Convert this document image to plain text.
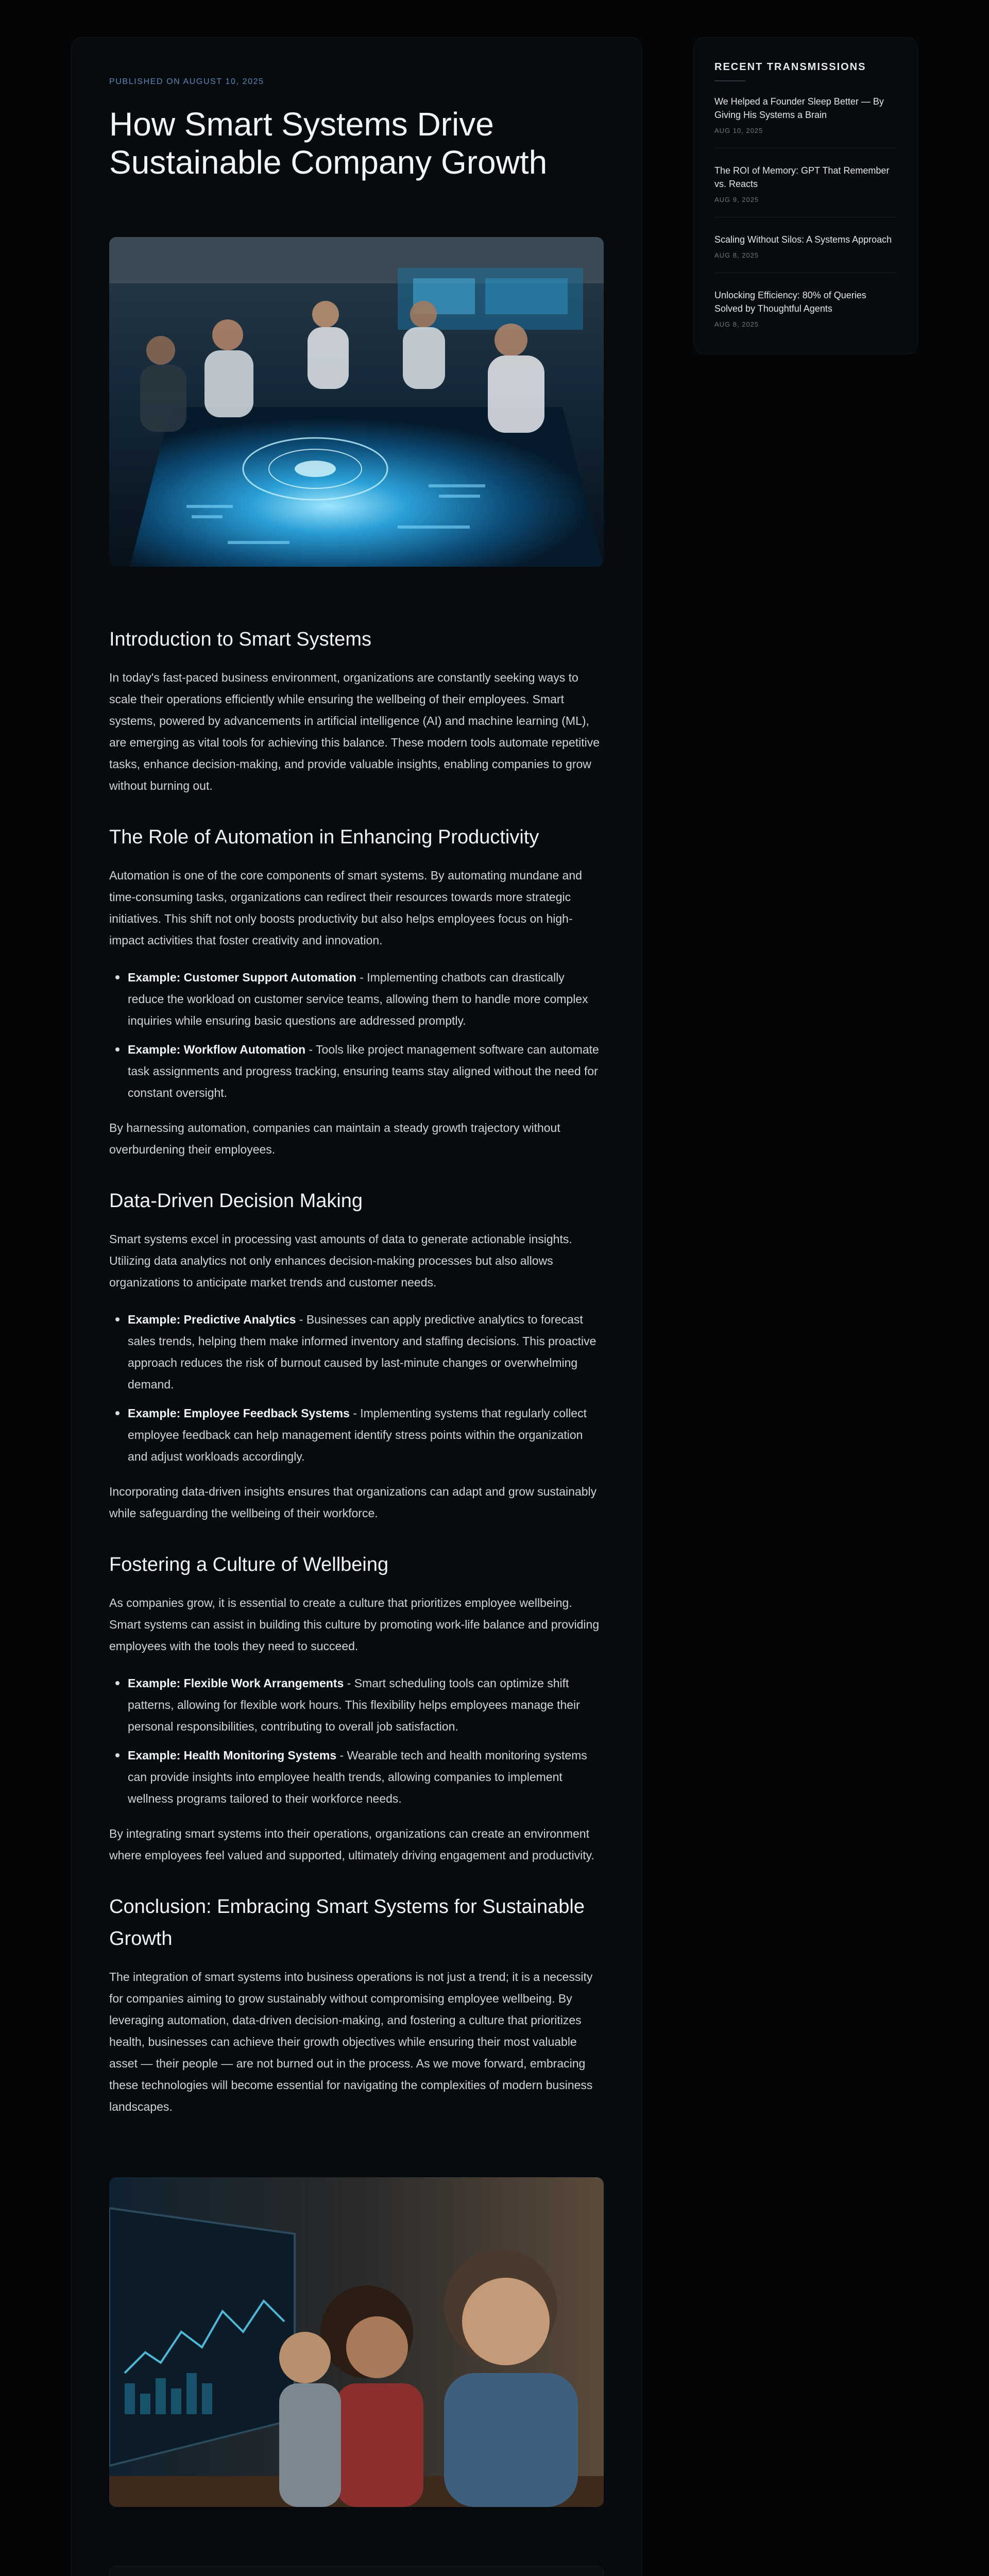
RECENT TRANSMISSIONS
We Helped a Founder Sleep Better — By Giving His Systems a Brain
AUG 10, 2025
The ROI of Memory: GPT That Remember vs. Reacts
AUG 9, 2025
Scaling Without Silos: A Systems Approach
AUG 8, 2025
Unlocking Efficiency: 80% of Queries Solved by Thoughtful Agents
AUG 8, 2025
PUBLISHED ON AUGUST 10, 2025
How Smart Systems Drive Sustainable Company Growth
Introduction to Smart Systems

In today's fast-paced business environment, organizations are constantly seeking ways to scale their operations efficiently while ensuring the wellbeing of their employees. Smart systems, powered by advancements in artificial intelligence (AI) and machine learning (ML), are emerging as vital tools for achieving this balance. These modern tools automate repetitive tasks, enhance decision-making, and provide valuable insights, enabling companies to grow without burning out.

The Role of Automation in Enhancing Productivity

Automation is one of the core components of smart systems. By automating mundane and time-consuming tasks, organizations can redirect their resources towards more strategic initiatives. This shift not only boosts productivity but also helps employees focus on high-impact activities that foster creativity and innovation.

Example: Customer Support Automation - Implementing chatbots can drastically reduce the workload on customer service teams, allowing them to handle more complex inquiries while ensuring basic questions are addressed promptly.
Example: Workflow Automation - Tools like project management software can automate task assignments and progress tracking, ensuring teams stay aligned without the need for constant oversight.

By harnessing automation, companies can maintain a steady growth trajectory without overburdening their employees.

Data-Driven Decision Making

Smart systems excel in processing vast amounts of data to generate actionable insights. Utilizing data analytics not only enhances decision-making processes but also allows organizations to anticipate market trends and customer needs.

Example: Predictive Analytics - Businesses can apply predictive analytics to forecast sales trends, helping them make informed inventory and staffing decisions. This proactive approach reduces the risk of burnout caused by last-minute changes or overwhelming demand.
Example: Employee Feedback Systems - Implementing systems that regularly collect employee feedback can help management identify stress points within the organization and adjust workloads accordingly.

Incorporating data-driven insights ensures that organizations can adapt and grow sustainably while safeguarding the wellbeing of their workforce.

Fostering a Culture of Wellbeing

As companies grow, it is essential to create a culture that prioritizes employee wellbeing. Smart systems can assist in building this culture by promoting work-life balance and providing employees with the tools they need to succeed.

Example: Flexible Work Arrangements - Smart scheduling tools can optimize shift patterns, allowing for flexible work hours. This flexibility helps employees manage their personal responsibilities, contributing to overall job satisfaction.
Example: Health Monitoring Systems - Wearable tech and health monitoring systems can provide insights into employee health trends, allowing companies to implement wellness programs tailored to their workforce needs.

By integrating smart systems into their operations, organizations can create an environment where employees feel valued and supported, ultimately driving engagement and productivity.

Conclusion: Embracing Smart Systems for Sustainable Growth

The integration of smart systems into business operations is not just a trend; it is a necessity for companies aiming to grow sustainably without compromising employee wellbeing. By leveraging automation, data-driven decision-making, and fostering a culture that prioritizes health, businesses can achieve their growth objectives while ensuring their most valuable asset — their people — are not burned out in the process. As we move forward, embracing these technologies will become essential for navigating the complexities of modern business landscapes.
